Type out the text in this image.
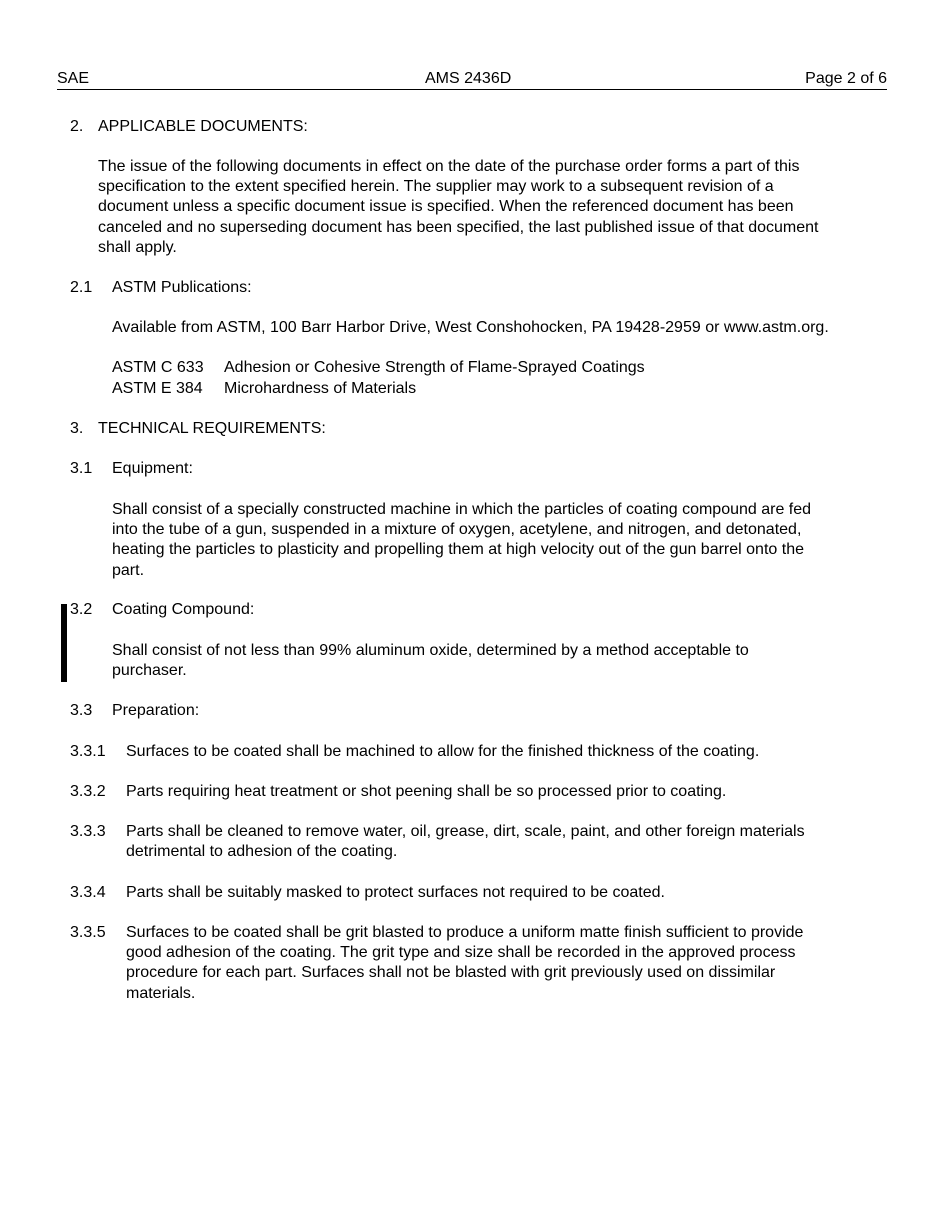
SAE	AMS 2436D	Page 2 of 6
2. APPLICABLE DOCUMENTS:
The issue of the following documents in effect on the date of the purchase order forms a part of this
specification to the extent specified herein. The supplier may work to a subsequent revision of a
document unless a specific document issue is specified. When the referenced document has been
canceled and no superseding document has been specified, the last published issue of that document
shall apply.
2.1 ASTM Publications:
Available from ASTM, 100 Barr Harbor Drive, West Conshohocken, PA 19428-2959 or www.astm.org.
ASTM C 633 Adhesion or Cohesive Strength of Flame-Sprayed Coatings
ASTM E 384 Microhardness of Materials
3. TECHNICAL REQUIREMENTS:
3.1 Equipment:
Shall consist of a specially constructed machine in which the particles of coating compound are fed
into the tube of a gun, suspended in a mixture of oxygen, acetylene, and nitrogen, and detonated,
heating the particles to plasticity and propelling them at high velocity out of the gun barrel onto the
part.
3.2 Coating Compound:
Shall consist of not less than 99% aluminum oxide, determined by a method acceptable to
purchaser.
3.3 Preparation:
3.3.1 Surfaces to be coated shall be machined to allow for the finished thickness of the coating.
3.3.2 Parts requiring heat treatment or shot peening shall be so processed prior to coating.
3.3.3 Parts shall be cleaned to remove water, oil, grease, dirt, scale, paint, and other foreign materials
detrimental to adhesion of the coating.
3.3.4 Parts shall be suitably masked to protect surfaces not required to be coated.
3.3.5 Surfaces to be coated shall be grit blasted to produce a uniform matte finish sufficient to provide
good adhesion of the coating. The grit type and size shall be recorded in the approved process
procedure for each part. Surfaces shall not be blasted with grit previously used on dissimilar
materials.
